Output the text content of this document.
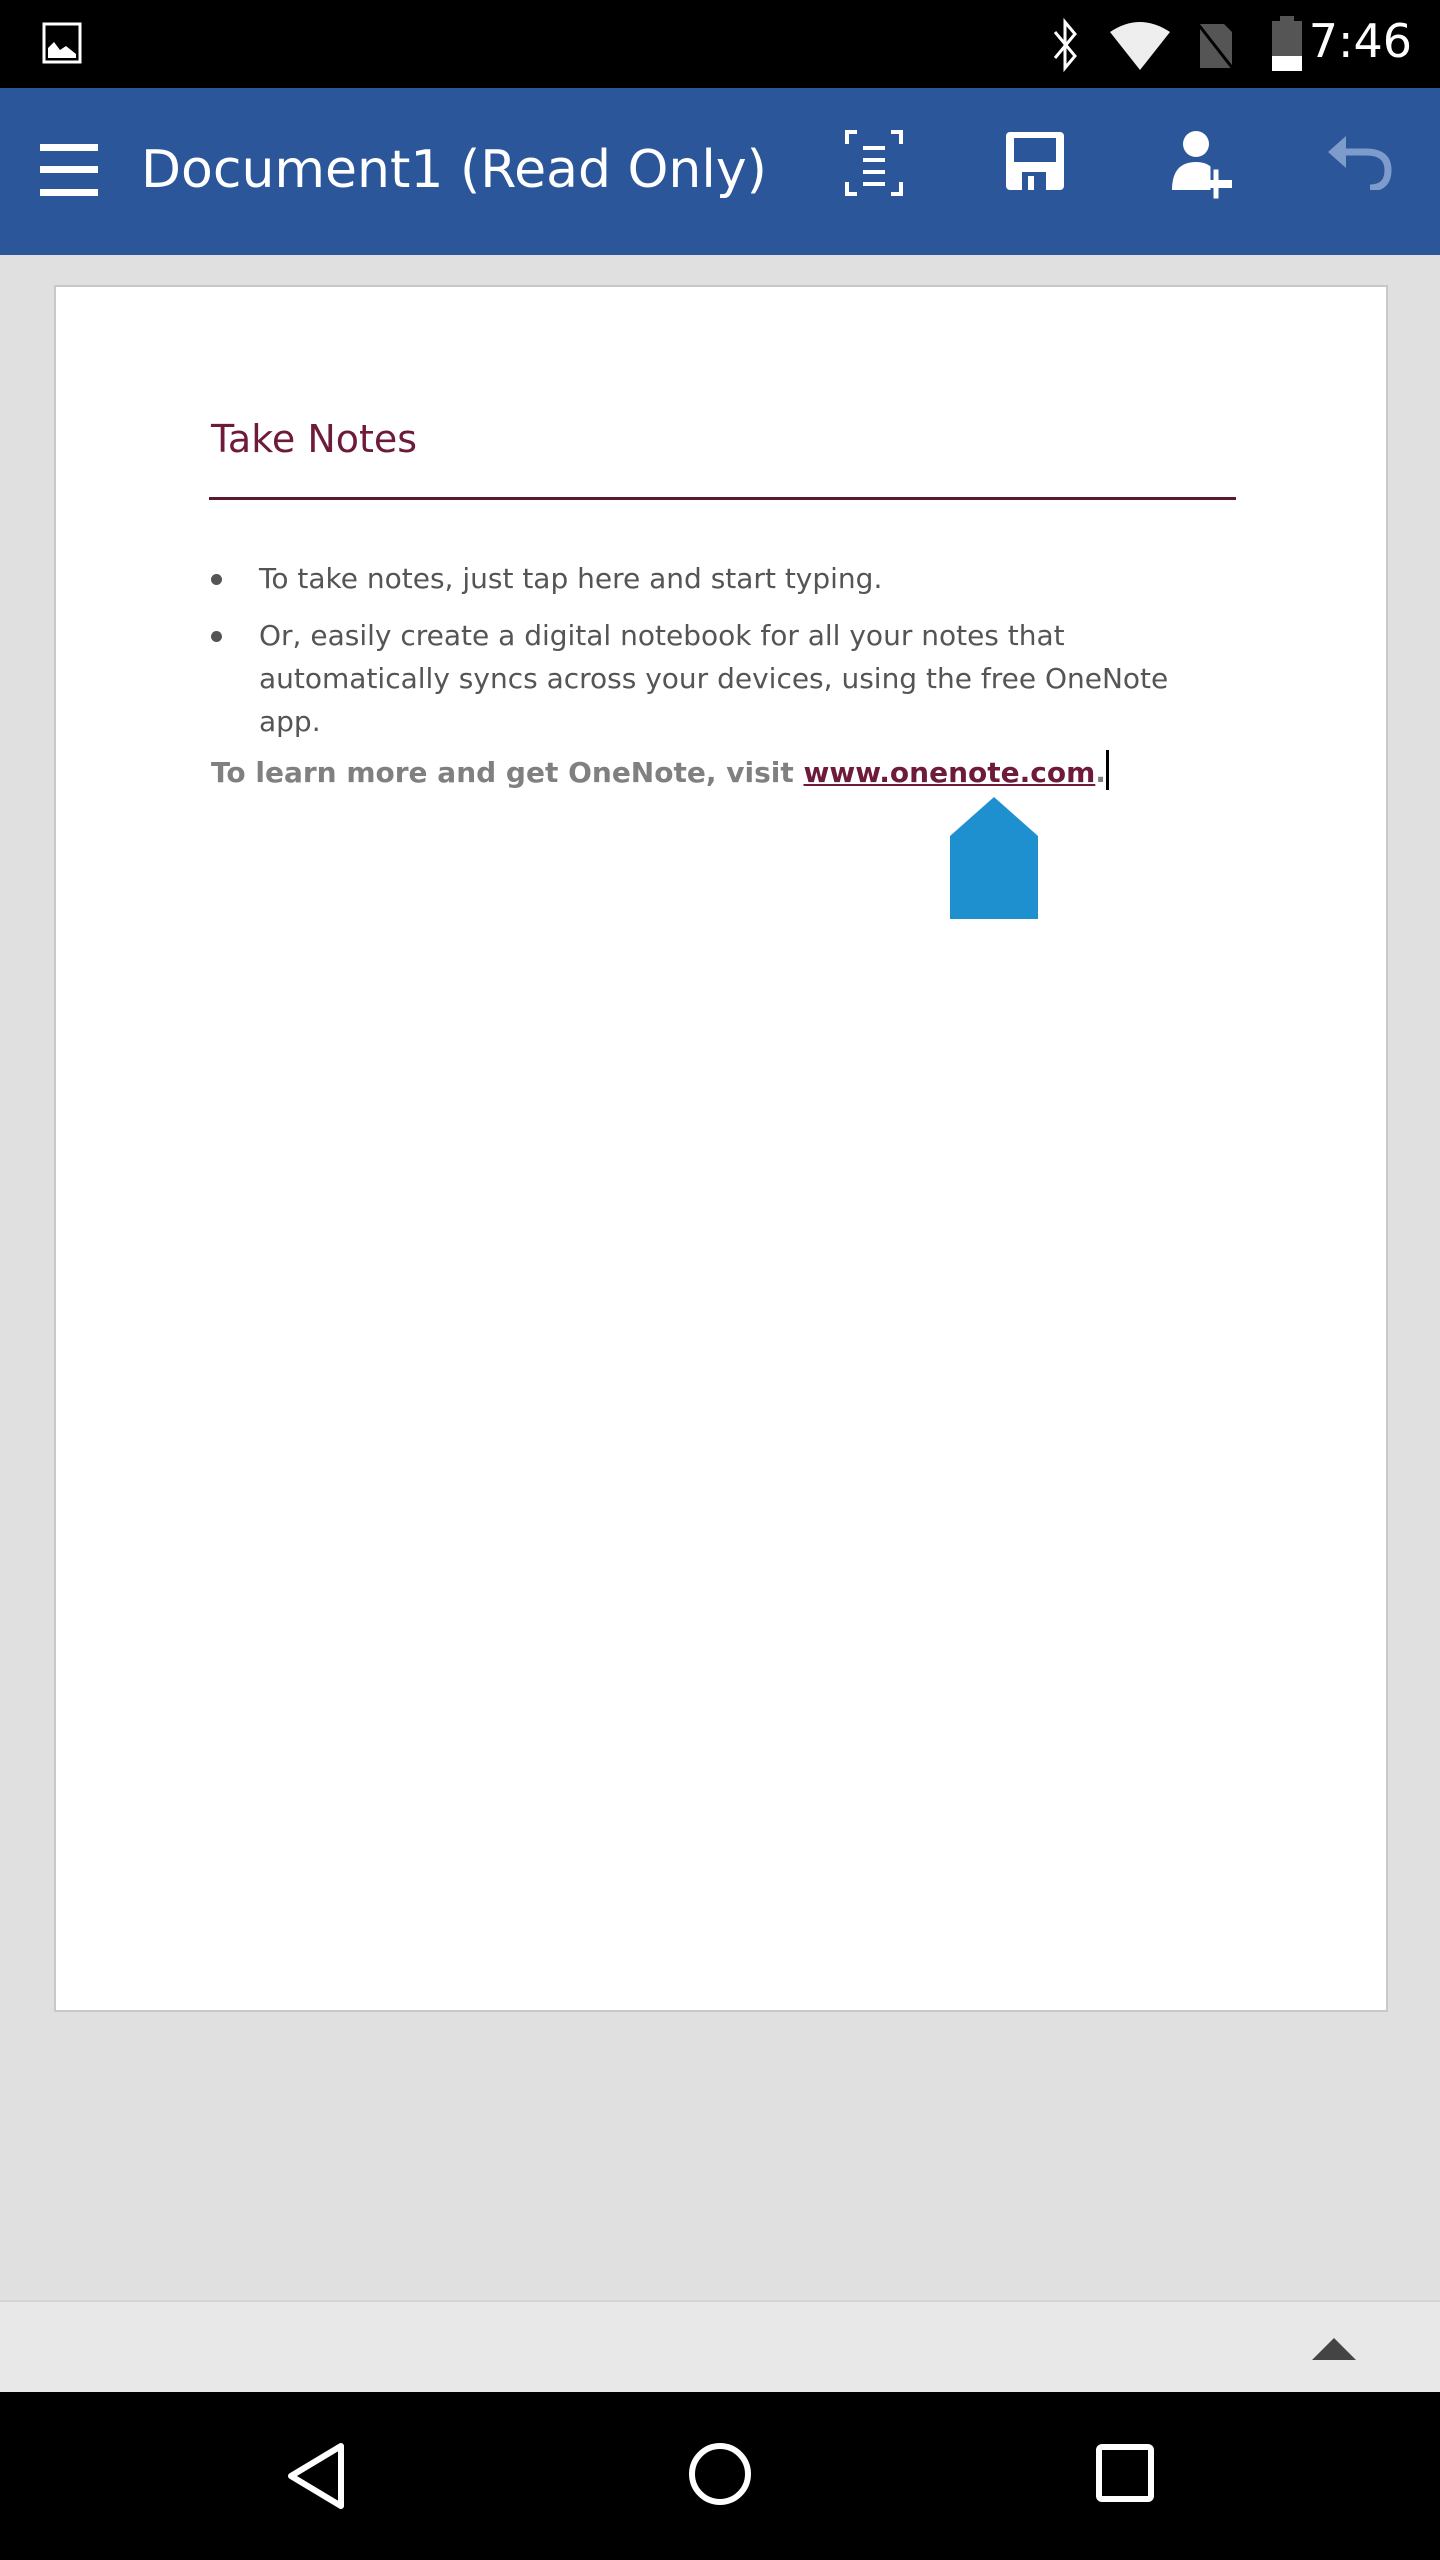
7:46
Document1 (Read Only)
Take Notes
To take notes, just tap here and start typing.
Or, easily create a digital notebook for all your notes that automatically syncs across your devices, using the free OneNote app.
To learn more and get OneNote, visit www.onenote.com.
